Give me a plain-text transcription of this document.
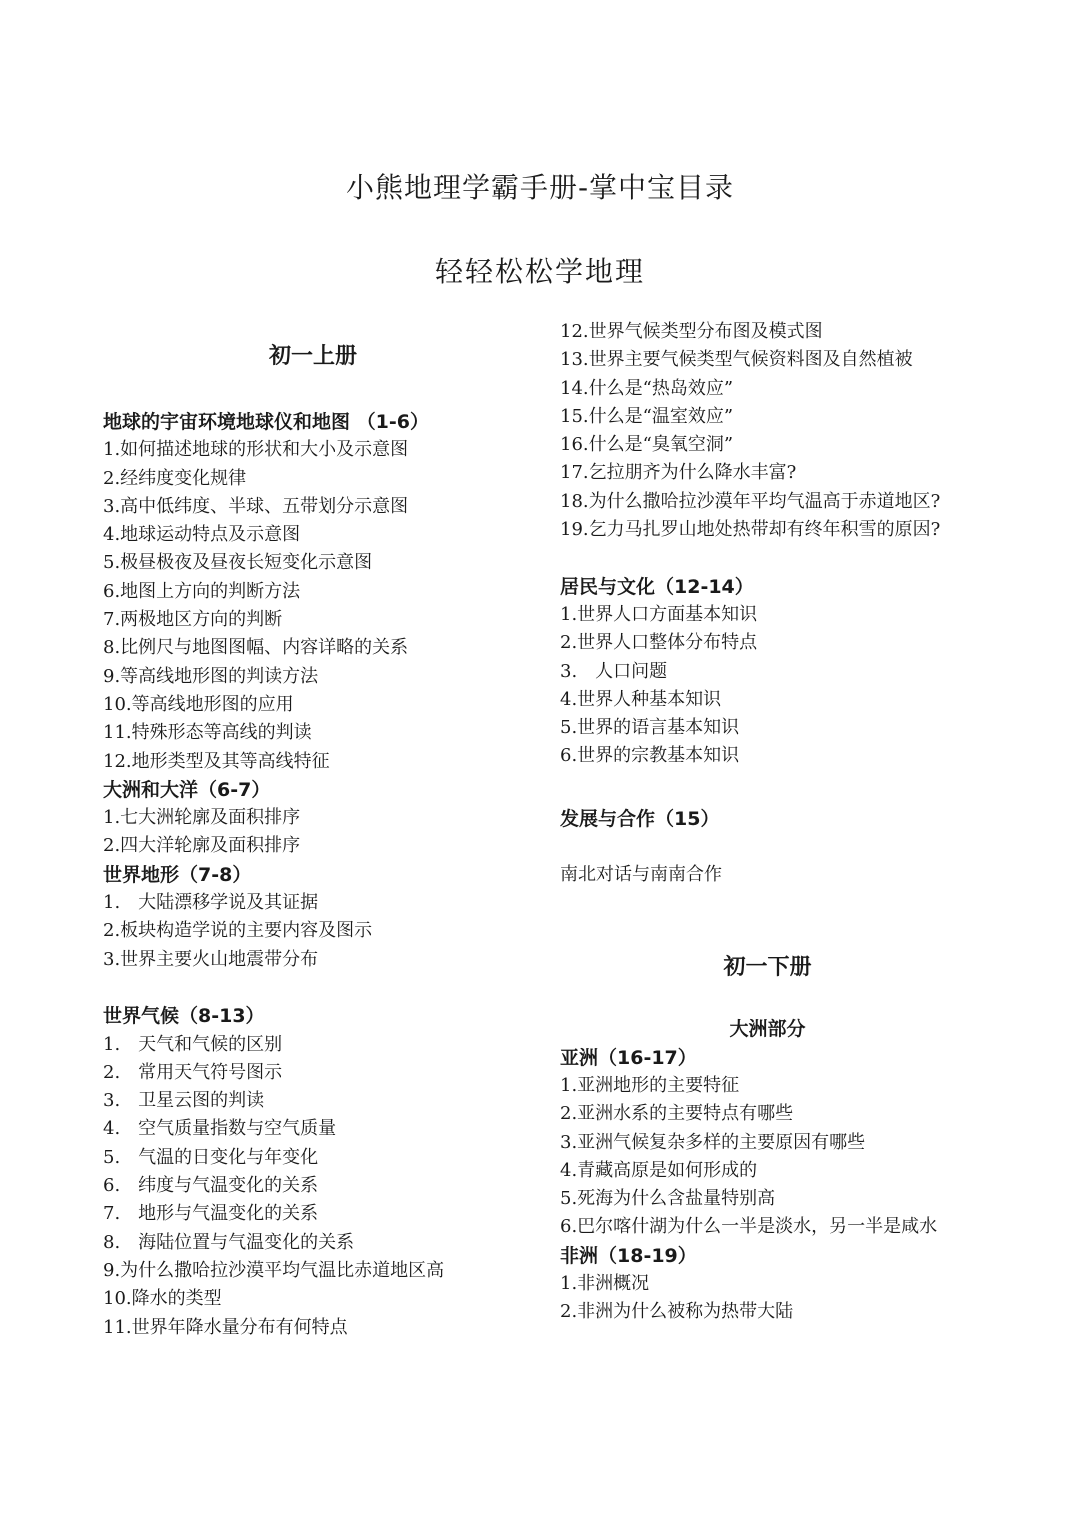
小熊地理学霸手册-掌中宝目录
轻轻松松学地理
初一上册
地球的宇宙环境地球仪和地图 （1-6）
1.如何描述地球的形状和大小及示意图
2.经纬度变化规律
3.高中低纬度、半球、五带划分示意图
4.地球运动特点及示意图
5.极昼极夜及昼夜长短变化示意图
6.地图上方向的判断方法
7.两极地区方向的判断
8.比例尺与地图图幅、内容详略的关系
9.等高线地形图的判读方法
10.等高线地形图的应用
11.特殊形态等高线的判读
12.地形类型及其等高线特征
大洲和大洋（6-7）
1.七大洲轮廓及面积排序
2.四大洋轮廓及面积排序
世界地形（7-8）
1.　大陆漂移学说及其证据
2.板块构造学说的主要内容及图示
3.世界主要火山地震带分布
世界气候（8-13）
1.　天气和气候的区别
2.　常用天气符号图示
3.　卫星云图的判读
4.　空气质量指数与空气质量
5.　气温的日变化与年变化
6.　纬度与气温变化的关系
7.　地形与气温变化的关系
8.　海陆位置与气温变化的关系
9.为什么撒哈拉沙漠平均气温比赤道地区高
10.降水的类型
11.世界年降水量分布有何特点
12.世界气候类型分布图及模式图
13.世界主要气候类型气候资料图及自然植被
14.什么是“热岛效应”
15.什么是“温室效应”
16.什么是“臭氧空洞”
17.乞拉朋齐为什么降水丰富?
18.为什么撒哈拉沙漠年平均气温高于赤道地区?
19.乞力马扎罗山地处热带却有终年积雪的原因?
居民与文化（12-14）
1.世界人口方面基本知识
2.世界人口整体分布特点
3.　人口问题
4.世界人种基本知识
5.世界的语言基本知识
6.世界的宗教基本知识
发展与合作（15）
南北对话与南南合作
初一下册
大洲部分
亚洲（16-17）
1.亚洲地形的主要特征
2.亚洲水系的主要特点有哪些
3.亚洲气候复杂多样的主要原因有哪些
4.青藏高原是如何形成的
5.死海为什么含盐量特别高
6.巴尔喀什湖为什么一半是淡水，另一半是咸水
非洲（18-19）
1.非洲概况
2.非洲为什么被称为热带大陆
